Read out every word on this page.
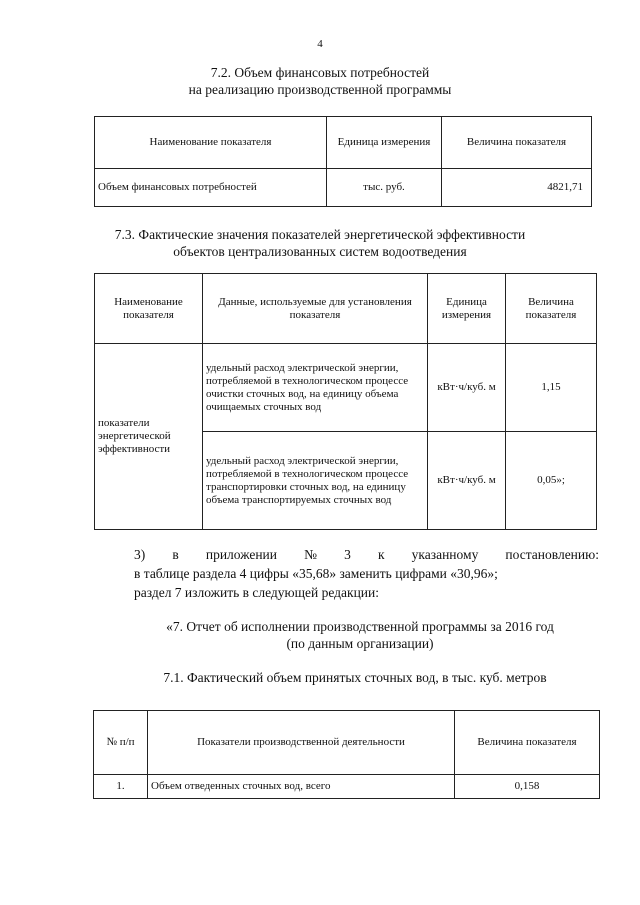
4
7.2. Объем финансовых потребностей
на реализацию производственной программы
Наименование показателя	Единица измерения	Величина показателя
Объем финансовых потребностей	тыс. руб.	4821,71
7.3. Фактические значения показателей энергетической эффективности
объектов централизованных систем водоотведения
Наименование показателя	Данные, используемые для установления показателя	Единица измерения	Величина показателя
показатели энергетической эффективности	удельный расход электрической энергии, потребляемой в технологическом процессе очистки сточных вод, на единицу объема очищаемых сточных вод	кВт·ч/куб. м	1,15
	удельный расход электрической энергии, потребляемой в технологическом процессе транспортировки сточных вод, на единицу объема транспортируемых сточных вод	кВт·ч/куб. м	0,05»;
3) в приложении № 3 к указанному постановлению:
в таблице раздела 4 цифры «35,68» заменить цифрами «30,96»;
раздел 7 изложить в следующей редакции:
«7. Отчет об исполнении производственной программы за 2016 год
(по данным организации)
7.1. Фактический объем принятых сточных вод, в тыс. куб. метров
№ п/п	Показатели производственной деятельности	Величина показателя
1.	Объем отведенных сточных вод, всего	0,158
